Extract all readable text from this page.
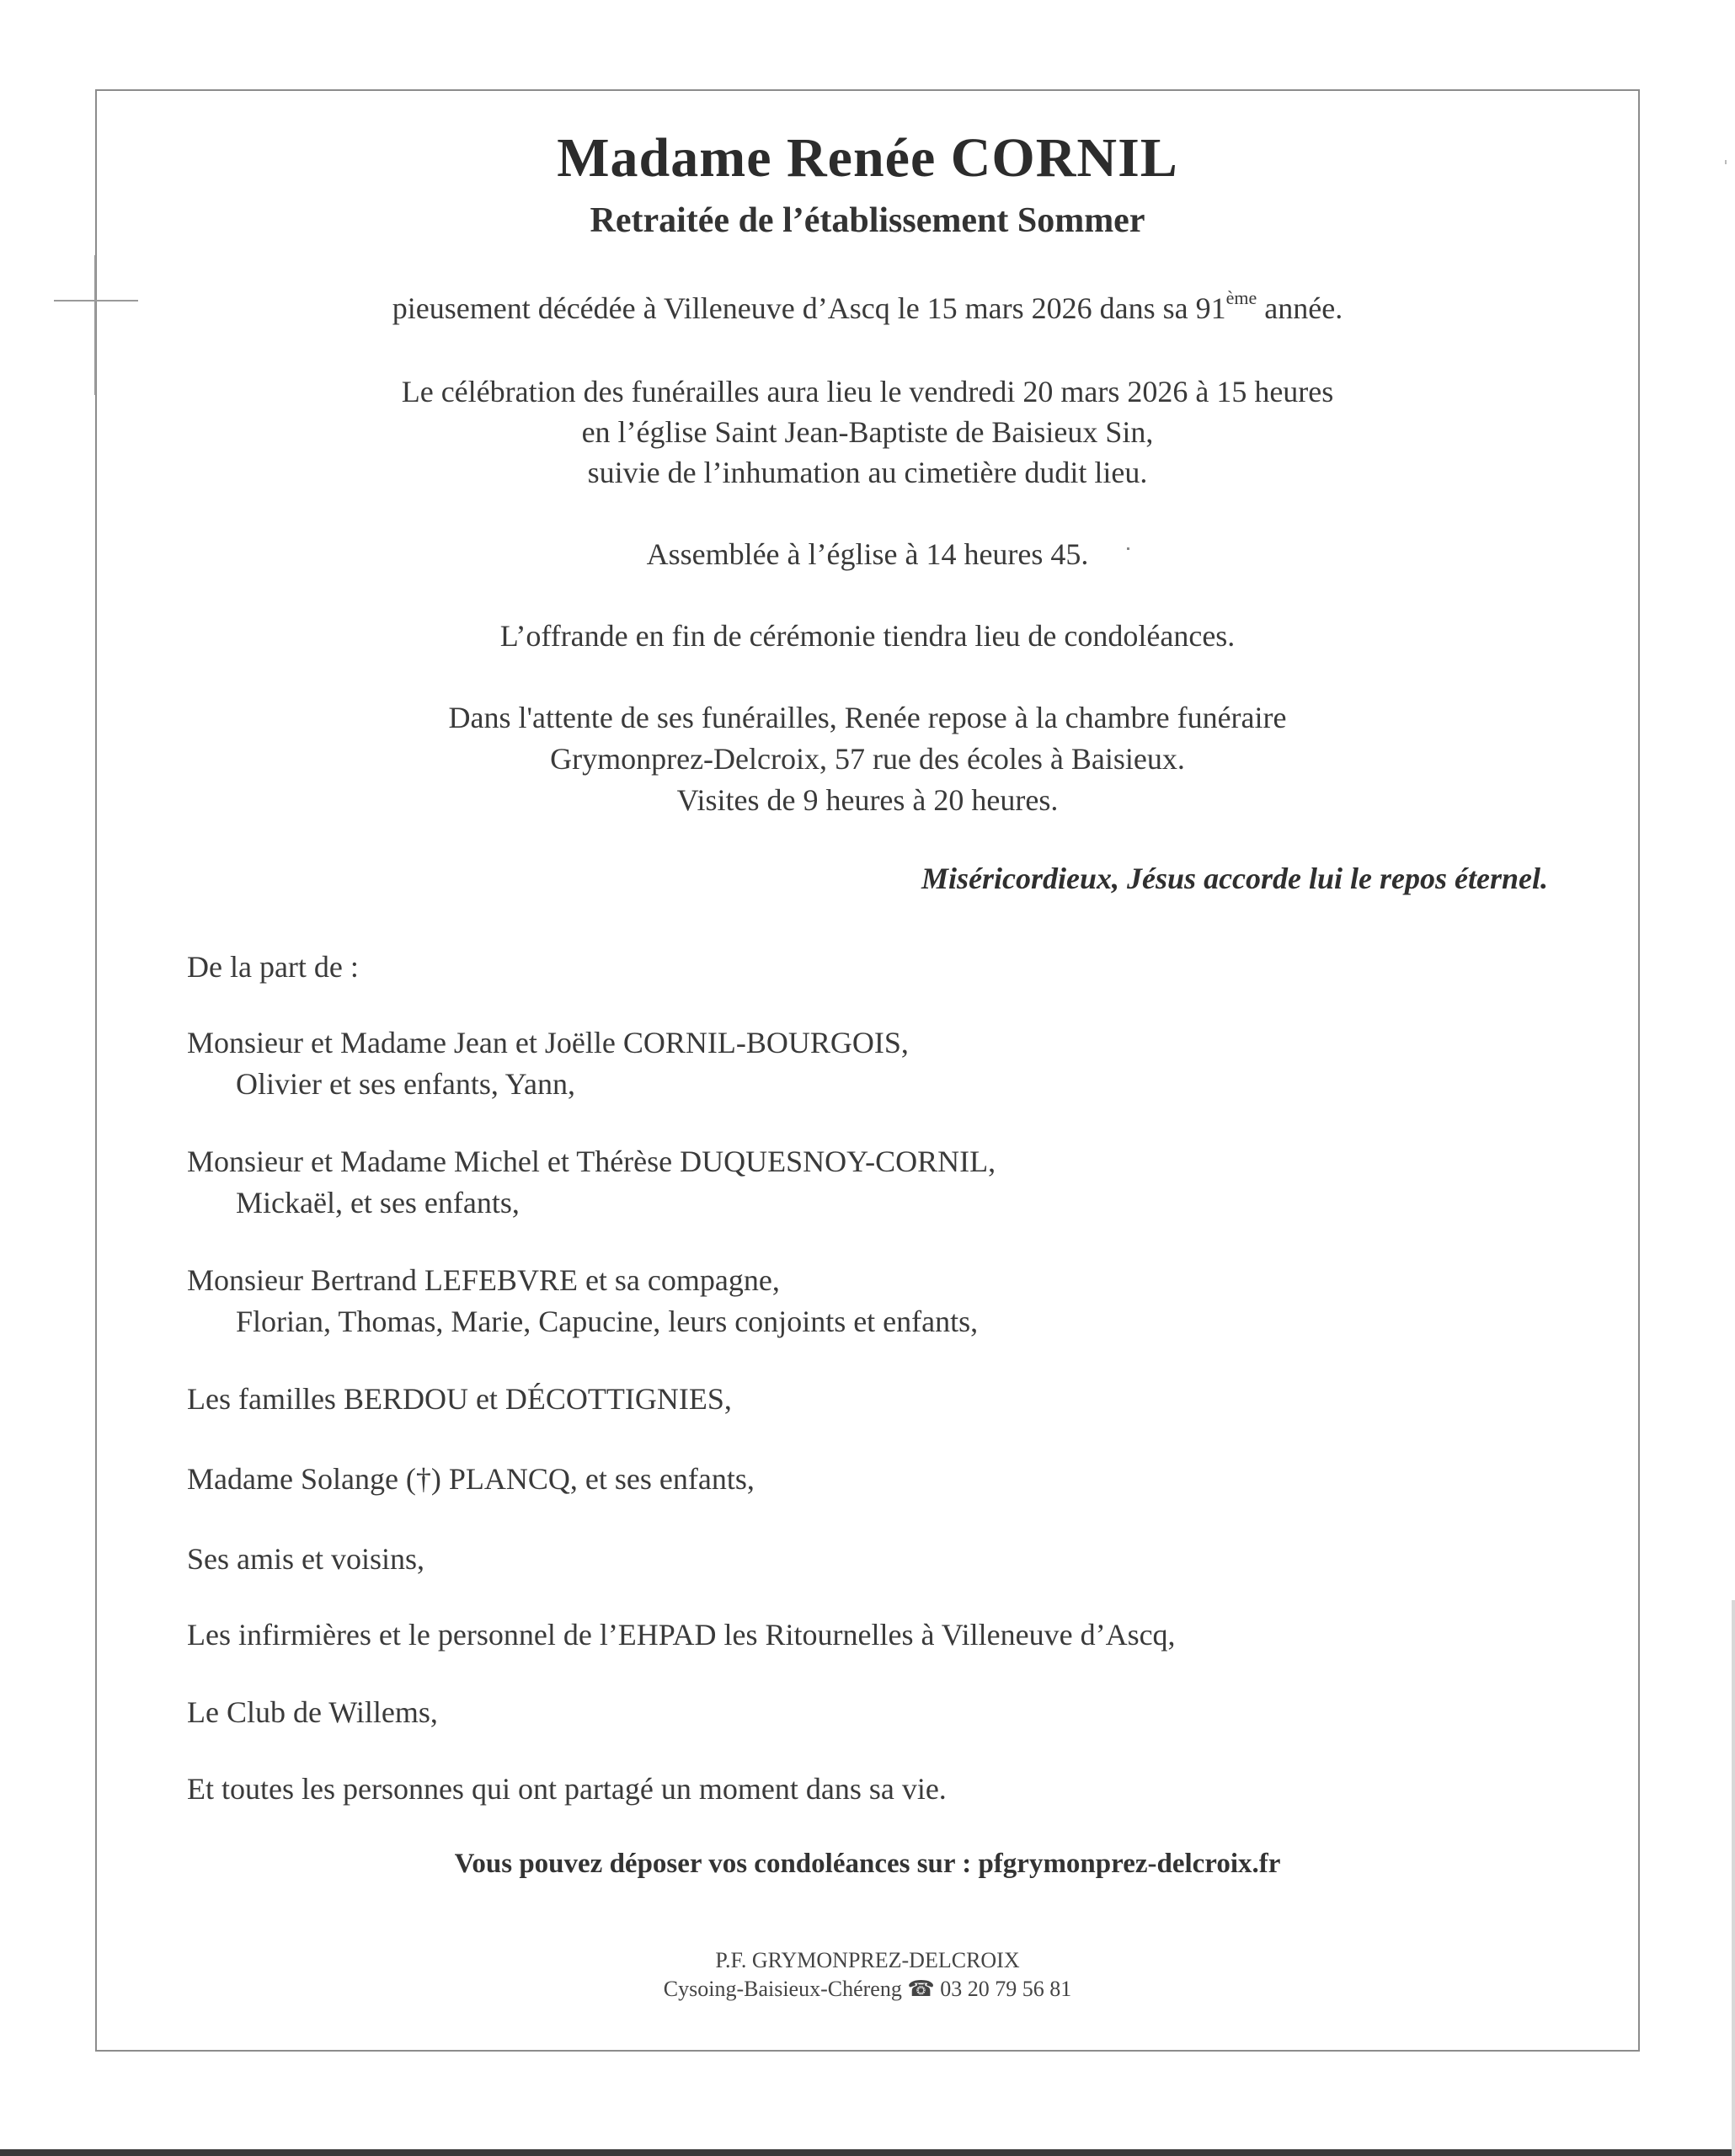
Madame Renée CORNIL
Retraitée de l’établissement Sommer
pieusement décédée à Villeneuve d’Ascq le 15 mars 2026 dans sa 91ème année.
Le célébration des funérailles aura lieu le vendredi 20 mars 2026 à 15 heures
en l’église Saint Jean-Baptiste de Baisieux Sin,
suivie de l’inhumation au cimetière dudit lieu.
Assemblée à l’église à 14 heures 45.
L’offrande en fin de cérémonie tiendra lieu de condoléances.
Dans l'attente de ses funérailles, Renée repose à la chambre funéraire
Grymonprez-Delcroix, 57 rue des écoles à Baisieux.
Visites de 9 heures à 20 heures.
Miséricordieux, Jésus accorde lui le repos éternel.
De la part de :
Monsieur et Madame Jean et Joëlle CORNIL-BOURGOIS,
Olivier et ses enfants, Yann,
Monsieur et Madame Michel et Thérèse DUQUESNOY-CORNIL,
Mickaël, et ses enfants,
Monsieur Bertrand LEFEBVRE et sa compagne,
Florian, Thomas, Marie, Capucine, leurs conjoints et enfants,
Les familles BERDOU et DÉCOTTIGNIES,
Madame Solange (†) PLANCQ, et ses enfants,
Ses amis et voisins,
Les infirmières et le personnel de l’EHPAD les Ritournelles à Villeneuve d’Ascq,
Le Club de Willems,
Et toutes les personnes qui ont partagé un moment dans sa vie.
Vous pouvez déposer vos condoléances sur : pfgrymonprez-delcroix.fr
P.F. GRYMONPREZ-DELCROIX
Cysoing-Baisieux-Chéreng ☎ 03 20 79 56 81
